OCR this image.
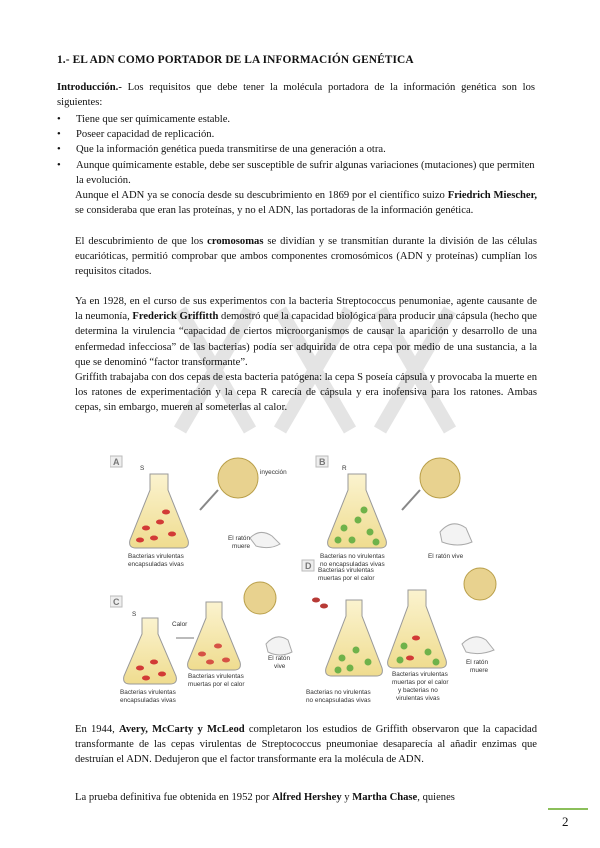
1.- EL ADN COMO PORTADOR DE LA INFORMACIÓN GENÉTICA
Introducción.- Los requisitos que debe tener la molécula portadora de la información genética son los siguientes:
• Tiene que ser químicamente estable.
• Poseer capacidad de replicación.
• Que la información genética pueda transmitirse de una generación a otra.
• Aunque químicamente estable, debe ser susceptible de sufrir algunas variaciones (mutaciones) que permiten la evolución.
Aunque el ADN ya se conocía desde su descubrimiento en 1869 por el científico suizo Friedrich Miescher, se consideraba que eran las proteínas, y no el ADN, las portadoras de la información genética.
El descubrimiento de que los cromosomas se dividían y se transmitían durante la división de las células eucarióticas, permitió comprobar que ambos componentes cromosómicos (ADN y proteínas) cumplían los requisitos citados.
Ya en 1928, en el curso de sus experimentos con la bacteria Streptococcus penumoniae, agente causante de la neumonía, Frederick Griffitth demostró que la capacidad biológica para producir una cápsula (hecho que determina la virulencia “capacidad de ciertos microorganismos de causar la aparición y desarrollo de una enfermedad infecciosa” de las bacterias) podía ser adquirida de otra cepa por medio de una sustancia, a la que se denominó “factor transformante”.
Griffith trabajaba con dos cepas de esta bacteria patógena: la cepa S poseía cápsula y provocaba la muerte en los ratones de experimentación y la cepa R carecía de cápsula y era inofensiva para los ratones. Ambas cepas, sin embargo, mueren al someterlas al calor.
A
S
inyección
Bacterias virulentas
encapsuladas vivas
El ratón
muere
B
R
Bacterias no virulentas
no encapsuladas vivas
El ratón vive
C
S
Calor
Bacterias virulentas
encapsuladas vivas
Bacterias virulentas
muertas por el calor
El ratón
vive
D Bacterias virulentas
muertas por el calor
Bacterias no virulentas
no encapsuladas vivas
Bacterias virulentas
muertas por el calor
y bacterias no
virulentas vivas
El ratón
muere
En 1944, Avery, McCarty y McLeod completaron los estudios de Griffith observaron que la capacidad transformante de las cepas virulentas de Streptococcus pneumoniae desaparecía al añadir enzimas que destruían el ADN. Dedujeron que el factor transformante era la molécula de ADN.
La prueba definitiva fue obtenida en 1952 por Alfred Hershey y Martha Chase, quienes
2
